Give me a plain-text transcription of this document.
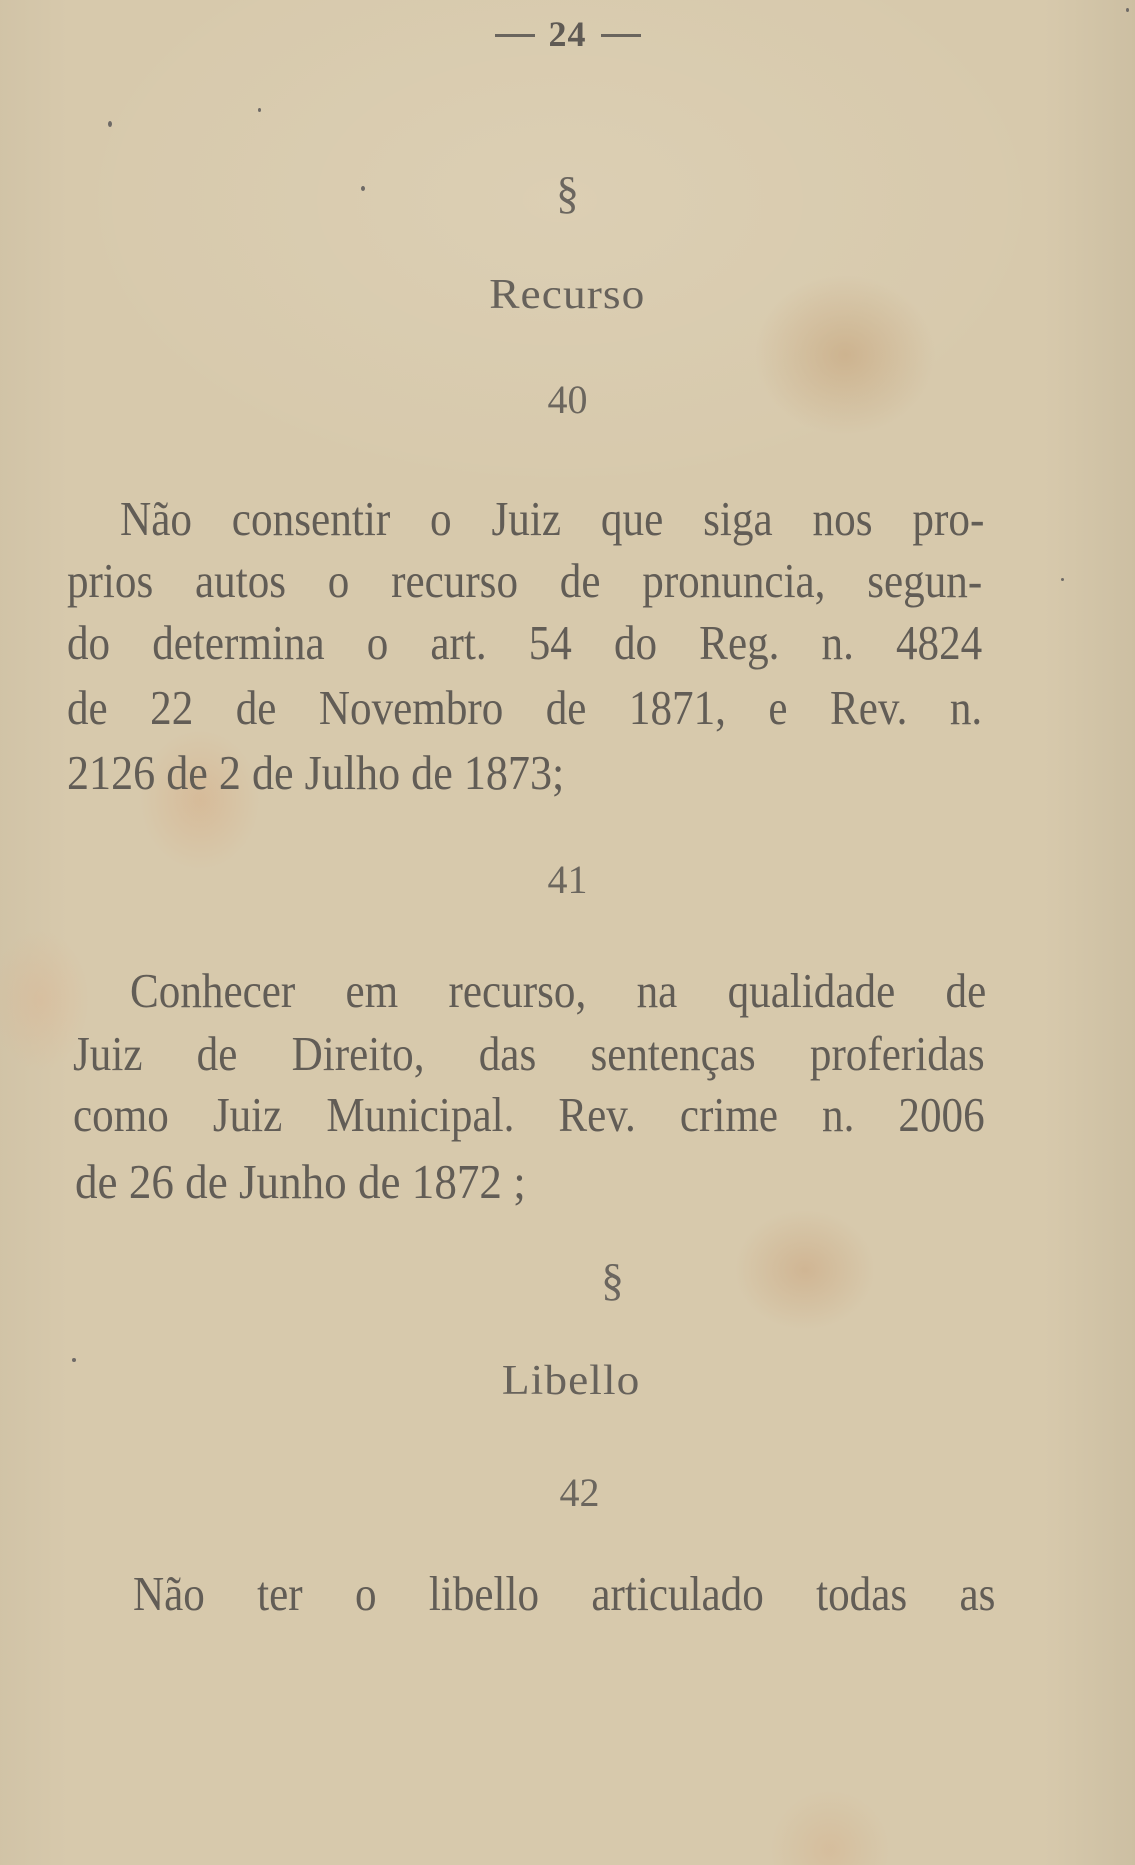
24
§
Recurso
40
Não consentir o Juiz que siga nos pro-
prios autos o recurso de pronuncia, segun-
do determina o art. 54 do Reg. n. 4824
de 22 de Novembro de 1871, e Rev. n.
2126 de 2 de Julho de 1873;
41
Conhecer em recurso, na qualidade de
Juiz de Direito, das sentenças proferidas
como Juiz Municipal. Rev. crime n. 2006
de 26 de Junho de 1872 ;
§
Libello
42
Não ter o libello articulado todas as
